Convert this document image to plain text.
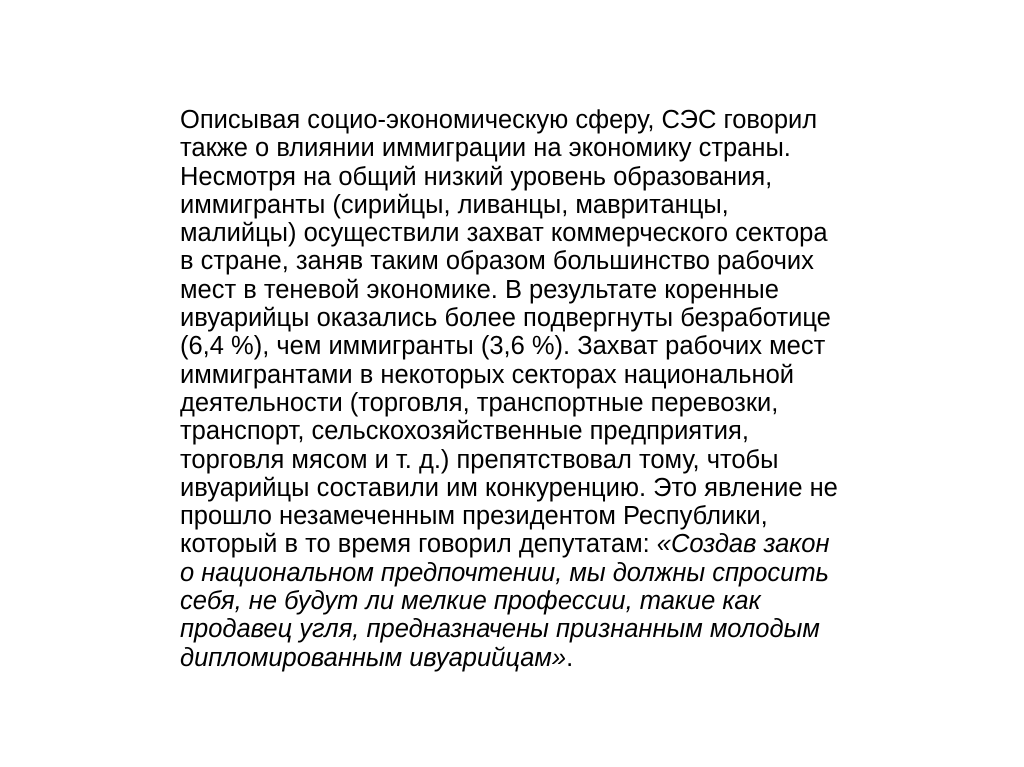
Описывая социо-экономическую сферу, СЭС говорил
также о влиянии иммиграции на экономику страны.
Несмотря на общий низкий уровень образования,
иммигранты (сирийцы, ливанцы, мавританцы,
малийцы) осуществили захват коммерческого сектора
в стране, заняв таким образом большинство рабочих
мест в теневой экономике. В результате коренные
ивуарийцы оказались более подвергнуты безработице
(6,4 %), чем иммигранты (3,6 %). Захват рабочих мест
иммигрантами в некоторых секторах национальной
деятельности (торговля, транспортные перевозки,
транспорт, сельскохозяйственные предприятия,
торговля мясом и т. д.) препятствовал тому, чтобы
ивуарийцы составили им конкуренцию. Это явление не
прошло незамеченным президентом Республики,
который в то время говорил депутатам: «Создав закон
о национальном предпочтении, мы должны спросить
себя, не будут ли мелкие профессии, такие как
продавец угля, предназначены признанным молодым
дипломированным ивуарийцам».
